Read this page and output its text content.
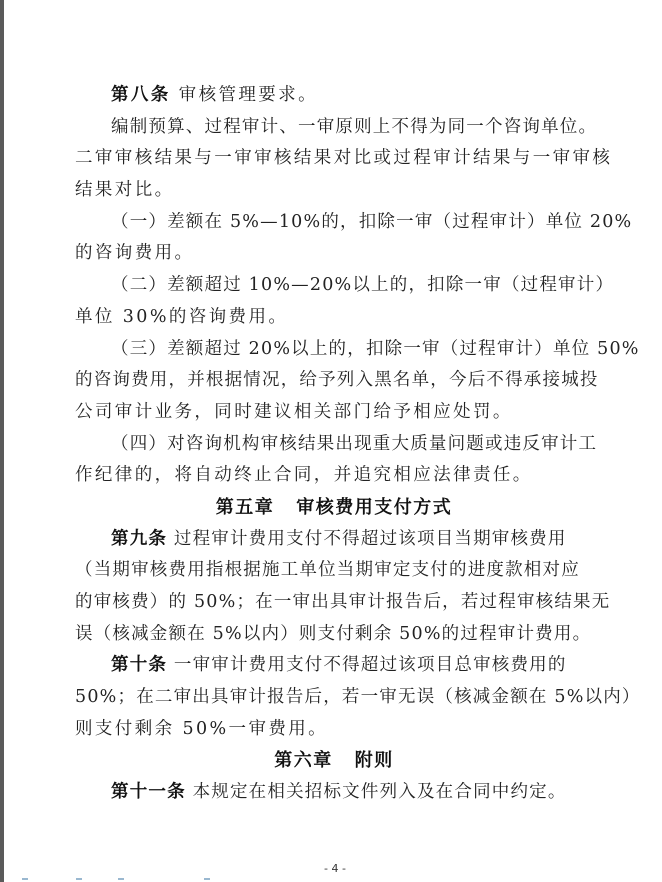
第八条 审核管理要求。
编制预算、过程审计、一审原则上不得为同一个咨询单位。
二审审核结果与一审审核结果对比或过程审计结果与一审审核
结果对比。
（一）差额在 5%—10%的，扣除一审（过程审计）单位 20%
的咨询费用。
（二）差额超过 10%—20%以上的，扣除一审（过程审计）
单位 30%的咨询费用。
（三）差额超过 20%以上的，扣除一审（过程审计）单位 50%
的咨询费用，并根据情况，给予列入黑名单，今后不得承接城投
公司审计业务，同时建议相关部门给予相应处罚。
（四）对咨询机构审核结果出现重大质量问题或违反审计工
作纪律的，将自动终止合同，并追究相应法律责任。
第五章 审核费用支付方式
第九条 过程审计费用支付不得超过该项目当期审核费用
（当期审核费用指根据施工单位当期审定支付的进度款相对应
的审核费）的 50%；在一审出具审计报告后，若过程审核结果无
误（核减金额在 5%以内）则支付剩余 50%的过程审计费用。
第十条 一审审计费用支付不得超过该项目总审核费用的
50%；在二审出具审计报告后，若一审无误（核减金额在 5%以内）
则支付剩余 50%一审费用。
第六章 附则
第十一条 本规定在相关招标文件列入及在合同中约定。
- 4 -
